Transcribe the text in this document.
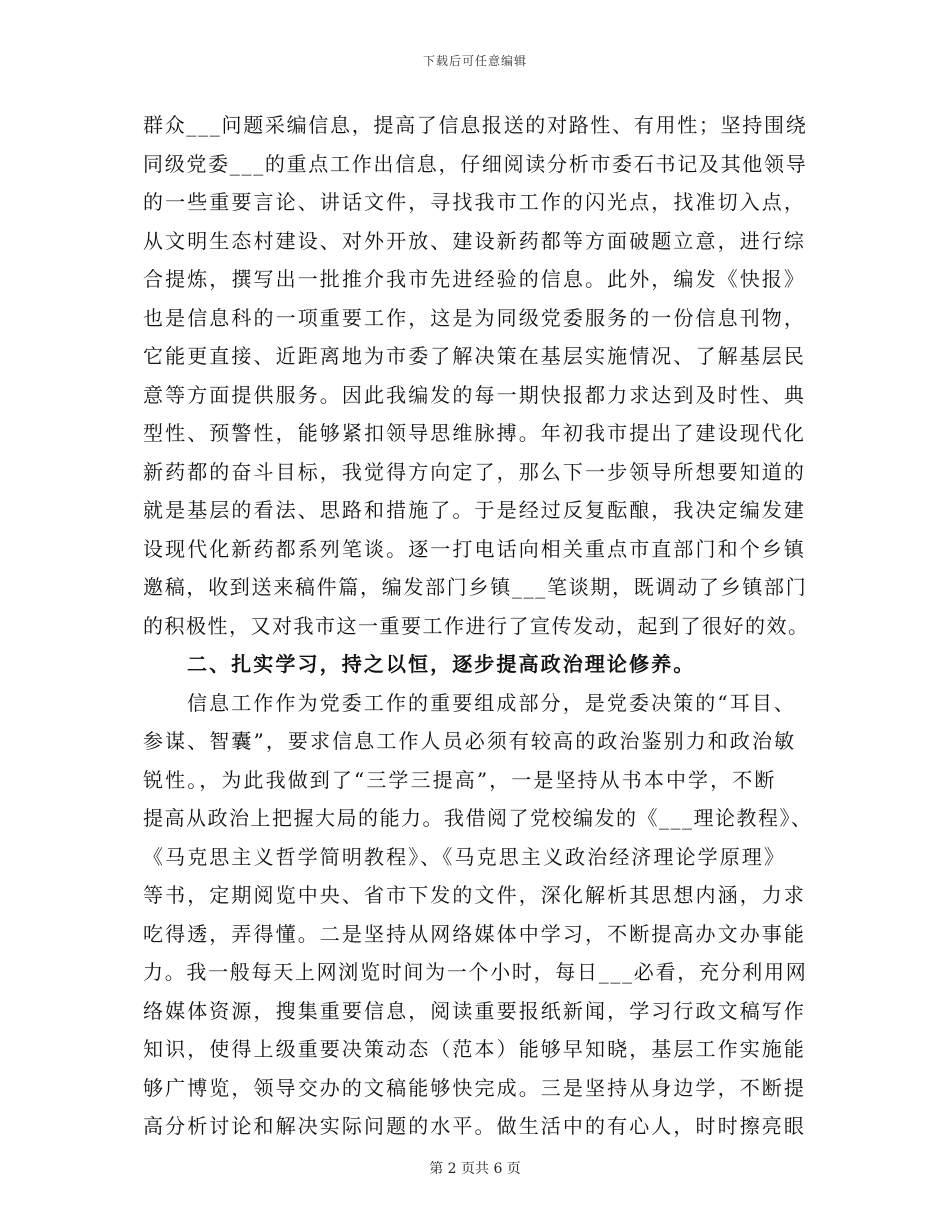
下载后可任意编辑
群众___问题采编信息，提高了信息报送的对路性、有用性；坚持围绕
同级党委___的重点工作出信息，仔细阅读分析市委石书记及其他领导
的一些重要言论、讲话文件，寻找我市工作的闪光点，找准切入点，
从文明生态村建设、对外开放、建设新药都等方面破题立意，进行综
合提炼，撰写出一批推介我市先进经验的信息。此外，编发《快报》
也是信息科的一项重要工作，这是为同级党委服务的一份信息刊物，
它能更直接、近距离地为市委了解决策在基层实施情况、了解基层民
意等方面提供服务。因此我编发的每一期快报都力求达到及时性、典
型性、预警性，能够紧扣领导思维脉搏。年初我市提出了建设现代化
新药都的奋斗目标，我觉得方向定了，那么下一步领导所想要知道的
就是基层的看法、思路和措施了。于是经过反复酝酿，我决定编发建
设现代化新药都系列笔谈。逐一打电话向相关重点市直部门和个乡镇
邀稿，收到送来稿件篇，编发部门乡镇___笔谈期，既调动了乡镇部门
的积极性，又对我市这一重要工作进行了宣传发动，起到了很好的效。
二、扎实学习，持之以恒，逐步提高政治理论修养。
信息工作作为党委工作的重要组成部分，是党委决策的“耳目、
参谋、智囊”，要求信息工作人员必须有较高的政治鉴别力和政治敏
锐性。，为此我做到了“三学三提高”，一是坚持从书本中学，不断
提高从政治上把握大局的能力。我借阅了党校编发的《___理论教程》、
《马克思主义哲学简明教程》、《马克思主义政治经济理论学原理》
等书，定期阅览中央、省市下发的文件，深化解析其思想内涵，力求
吃得透，弄得懂。二是坚持从网络媒体中学习，不断提高办文办事能
力。我一般每天上网浏览时间为一个小时，每日___必看，充分利用网
络媒体资源，搜集重要信息，阅读重要报纸新闻，学习行政文稿写作
知识，使得上级重要决策动态（范本）能够早知晓，基层工作实施能
够广博览，领导交办的文稿能够快完成。三是坚持从身边学，不断提
高分析讨论和解决实际问题的水平。做生活中的有心人，时时擦亮眼
第 2 页共 6 页
